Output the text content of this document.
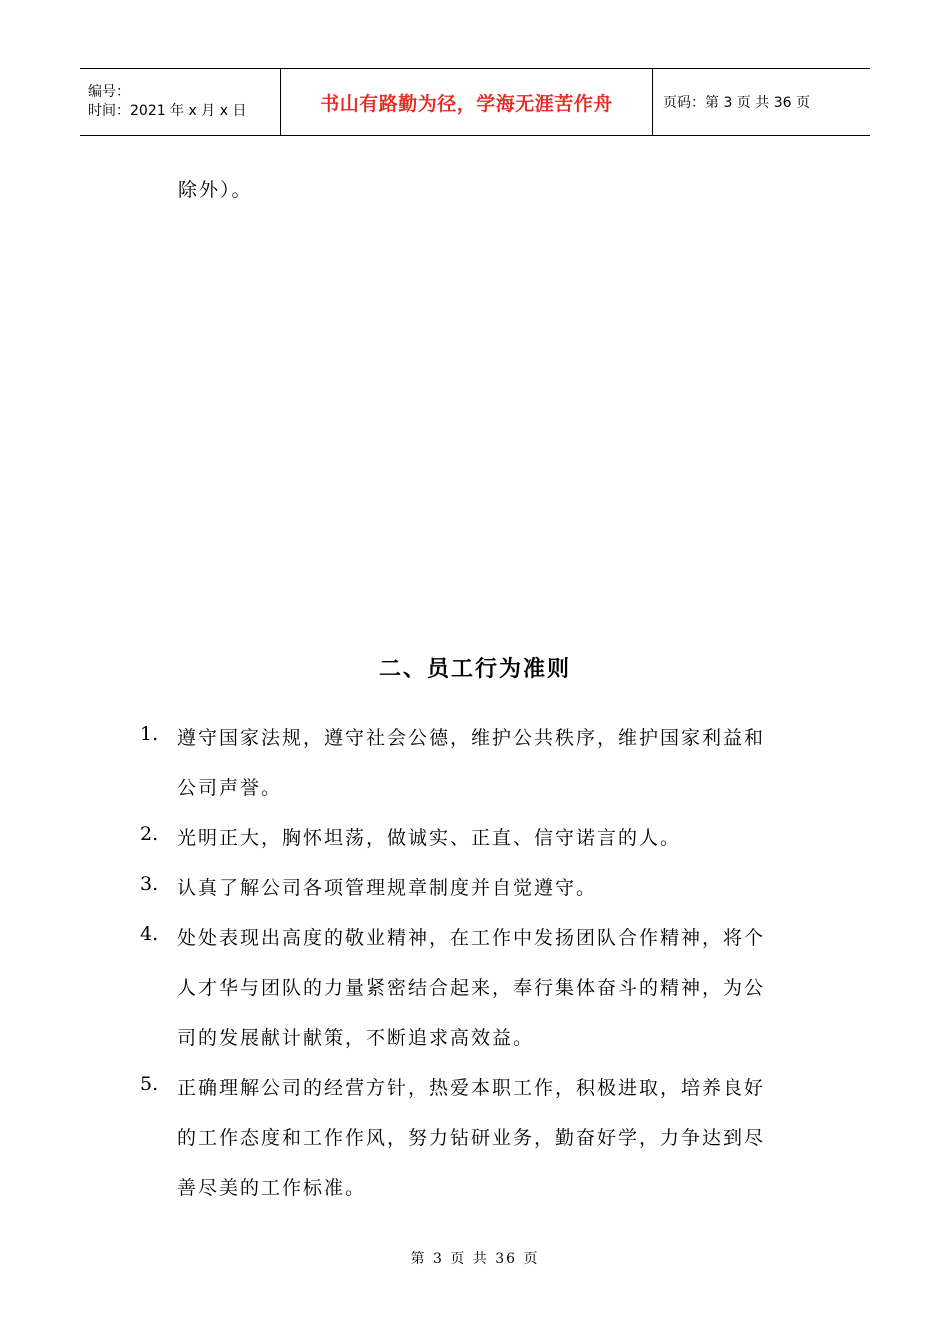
编号：
时间：2021 年 x 月 x 日	书山有路勤为径，学海无涯苦作舟	页码：第 3 页 共 36 页
除外）。
二、员工行为准则
1. 遵守国家法规，遵守社会公德，维护公共秩序，维护国家利益和
公司声誉。
2. 光明正大，胸怀坦荡，做诚实、正直、信守诺言的人。
3. 认真了解公司各项管理规章制度并自觉遵守。
4. 处处表现出高度的敬业精神，在工作中发扬团队合作精神，将个
人才华与团队的力量紧密结合起来，奉行集体奋斗的精神，为公
司的发展献计献策，不断追求高效益。
5. 正确理解公司的经营方针，热爱本职工作，积极进取，培养良好
的工作态度和工作作风，努力钻研业务，勤奋好学，力争达到尽
善尽美的工作标准。
第 3 页 共 36 页
